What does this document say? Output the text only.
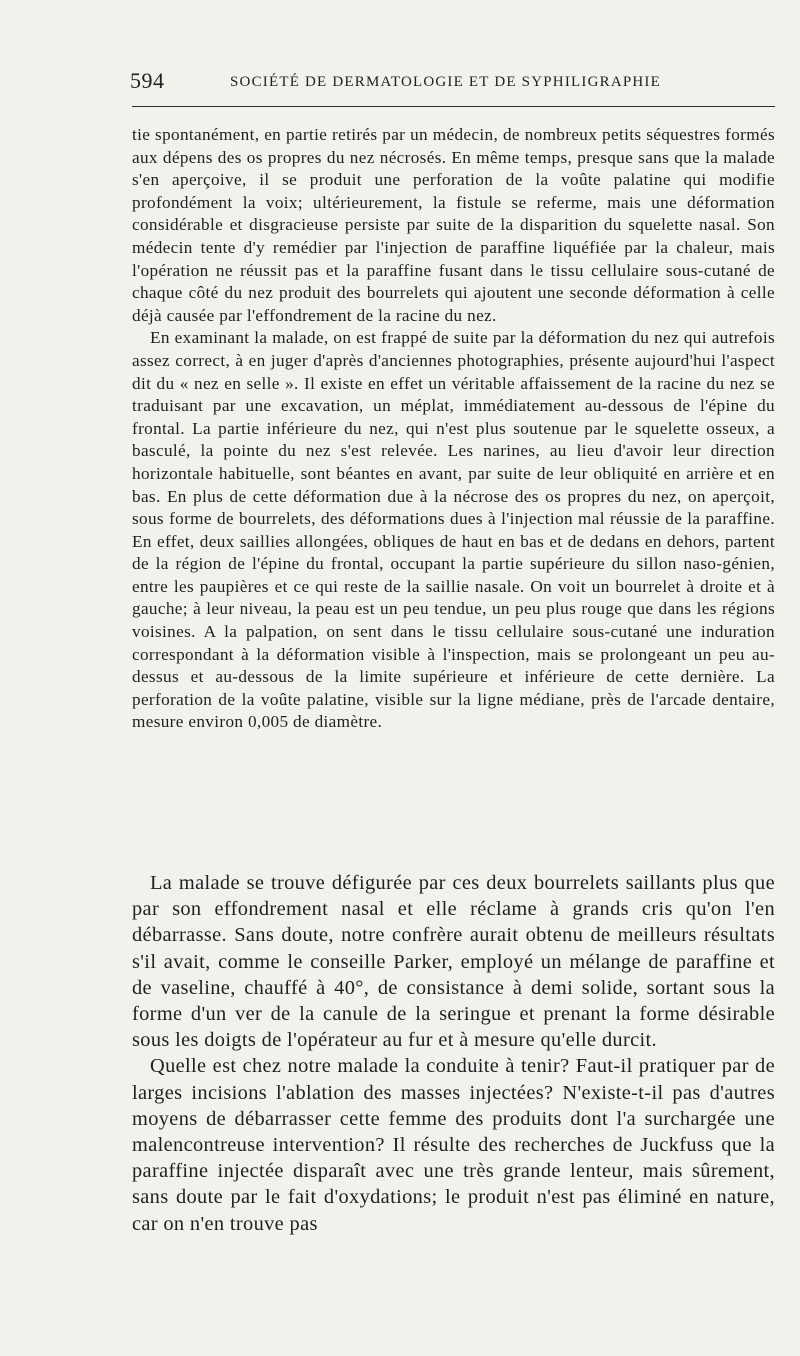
594	SOCIÉTÉ DE DERMATOLOGIE ET DE SYPHILIGRAPHIE

tie spontanément, en partie retirés par un médecin, de nombreux petits séquestres formés aux dépens des os propres du nez nécrosés. En même temps, presque sans que la malade s'en aperçoive, il se produit une perforation de la voûte palatine qui modifie profondément la voix; ultérieurement, la fistule se referme, mais une déformation considérable et disgracieuse persiste par suite de la disparition du squelette nasal. Son médecin tente d'y remédier par l'injection de paraffine liquéfiée par la chaleur, mais l'opération ne réussit pas et la paraffine fusant dans le tissu cellulaire sous-cutané de chaque côté du nez produit des bourrelets qui ajoutent une seconde déformation à celle déjà causée par l'effondrement de la racine du nez.

En examinant la malade, on est frappé de suite par la déformation du nez qui autrefois assez correct, à en juger d'après d'anciennes photographies, présente aujourd'hui l'aspect dit du « nez en selle ». Il existe en effet un véritable affaissement de la racine du nez se traduisant par une excavation, un méplat, immédiatement au-dessous de l'épine du frontal. La partie inférieure du nez, qui n'est plus soutenue par le squelette osseux, a basculé, la pointe du nez s'est relevée. Les narines, au lieu d'avoir leur direction horizontale habituelle, sont béantes en avant, par suite de leur obliquité en arrière et en bas. En plus de cette déformation due à la nécrose des os propres du nez, on aperçoit, sous forme de bourrelets, des déformations dues à l'injection mal réussie de la paraffine. En effet, deux saillies allongées, obliques de haut en bas et de dedans en dehors, partent de la région de l'épine du frontal, occupant la partie supérieure du sillon naso-génien, entre les paupières et ce qui reste de la saillie nasale. On voit un bourrelet à droite et à gauche; à leur niveau, la peau est un peu tendue, un peu plus rouge que dans les régions voisines. A la palpation, on sent dans le tissu cellulaire sous-cutané une induration correspondant à la déformation visible à l'inspection, mais se prolongeant un peu au-dessus et au-dessous de la limite supérieure et inférieure de cette dernière. La perforation de la voûte palatine, visible sur la ligne médiane, près de l'arcade dentaire, mesure environ 0,005 de diamètre.

La malade se trouve défigurée par ces deux bourrelets saillants plus que par son effondrement nasal et elle réclame à grands cris qu'on l'en débarrasse. Sans doute, notre confrère aurait obtenu de meilleurs résultats s'il avait, comme le conseille Parker, employé un mélange de paraffine et de vaseline, chauffé à 40°, de consistance à demi solide, sortant sous la forme d'un ver de la canule de la seringue et prenant la forme désirable sous les doigts de l'opérateur au fur et à mesure qu'elle durcit.

Quelle est chez notre malade la conduite à tenir? Faut-il pratiquer par de larges incisions l'ablation des masses injectées? N'existe-t-il pas d'autres moyens de débarrasser cette femme des produits dont l'a surchargée une malencontreuse intervention? Il résulte des recherches de Juckfuss que la paraffine injectée disparaît avec une très grande lenteur, mais sûrement, sans doute par le fait d'oxydations; le produit n'est pas éliminé en nature, car on n'en trouve pas
